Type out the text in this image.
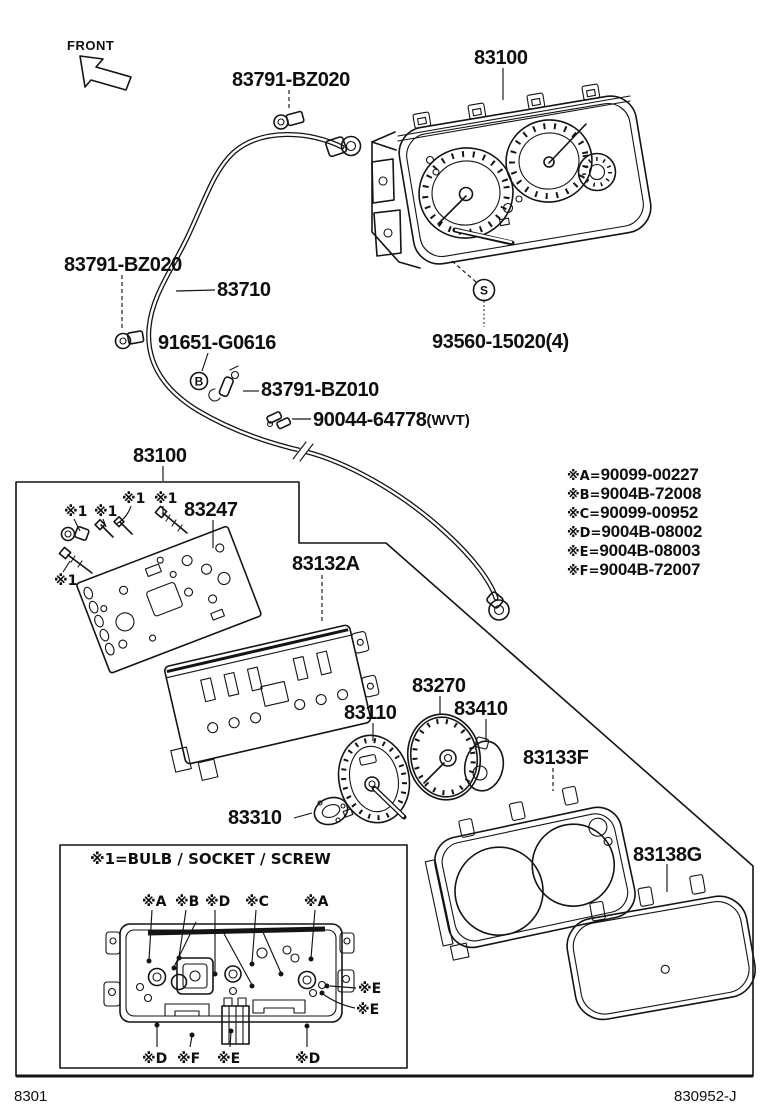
S
B
※1=BULB / SOCKET / SCREW
※A ※B ※D ※C	※A
※E
※E
※D ※F ※E	※D
FRONT
83791-BZ020
83100
83791-BZ020
83710
91651-G0616
83791-BZ010
90044-64778(WVT)
93560-15020(4)
83100
83247
83132A
83110
83270
83410
83310
83133F
83138G
※1 ※1
※1 ※1
※1
※A=90099-00227
※B=9004B-72008
※C=90099-00952
※D=9004B-08002
※E=9004B-08003
※F=9004B-72007
8301	830952-J
